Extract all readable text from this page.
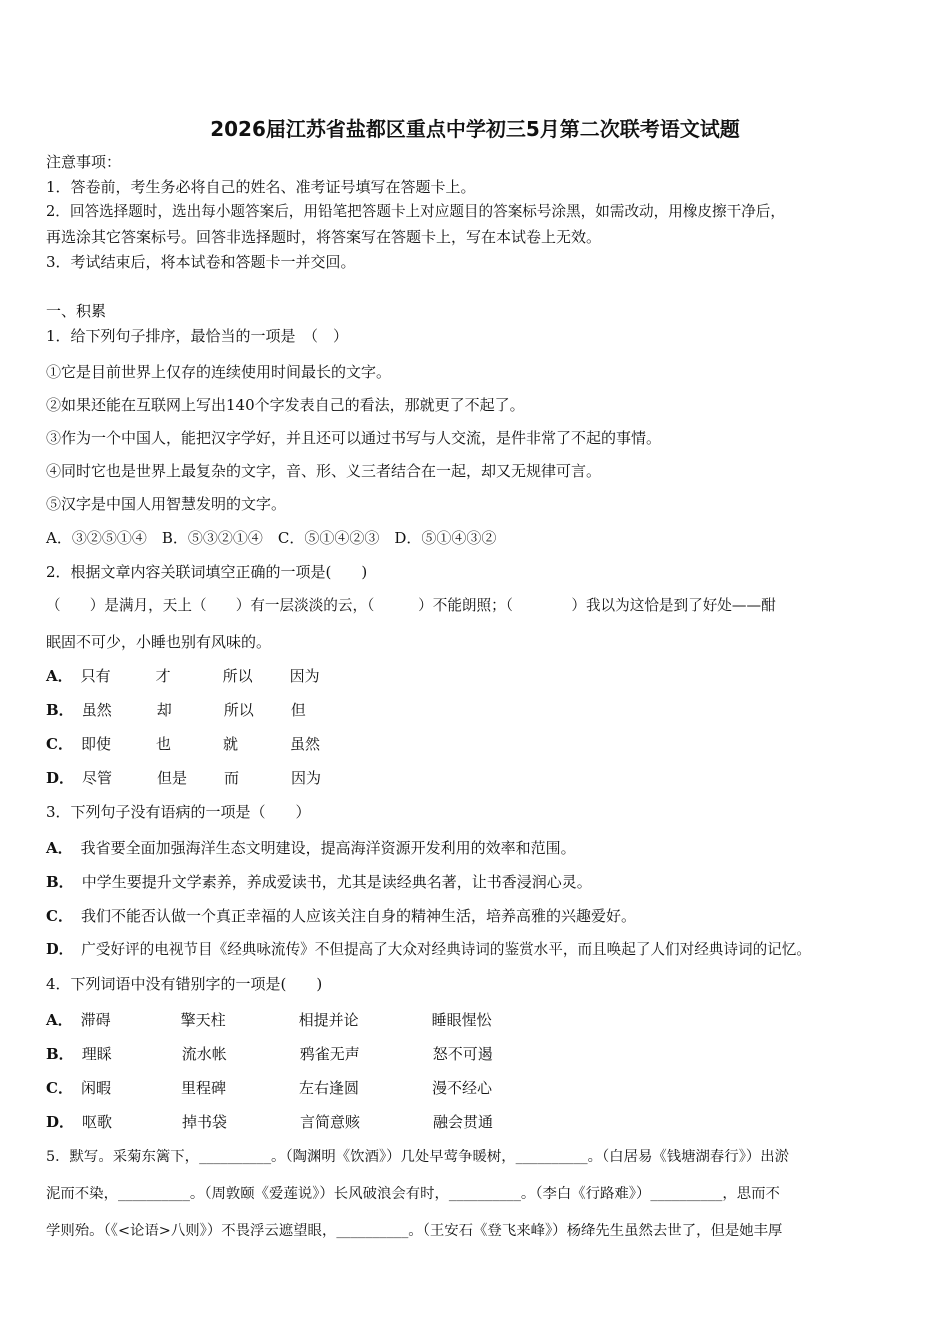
2026届江苏省盐都区重点中学初三5月第二次联考语文试题
注意事项：
1．答卷前，考生务必将自己的姓名、准考证号填写在答题卡上。
2．回答选择题时，选出每小题答案后，用铅笔把答题卡上对应题目的答案标号涂黑，如需改动，用橡皮擦干净后，
再选涂其它答案标号。回答非选择题时，将答案写在答题卡上，写在本试卷上无效。
3．考试结束后，将本试卷和答题卡一并交回。
一、积累
1．给下列句子排序，最恰当的一项是　（　）
①它是目前世界上仅存的连续使用时间最长的文字。
②如果还能在互联网上写出140个字发表自己的看法，那就更了不起了。
③作为一个中国人，能把汉字学好，并且还可以通过书写与人交流，是件非常了不起的事情。
④同时它也是世界上最复杂的文字，音、形、义三者结合在一起，却又无规律可言。
⑤汉字是中国人用智慧发明的文字。
A．③②⑤①④　B．⑤③②①④　C．⑤①④②③　D．⑤①④③②
2．根据文章内容关联词填空正确的一项是(　　)
（　　）是满月，天上（　　）有一层淡淡的云，（　　　）不能朗照；（　　　　）我以为这恰是到了好处——酣
眠固不可少，小睡也别有风味的。
A． 只有	才	所以 因为
B． 虽然	却	所以 但
C． 即使	也	就	虽然
D． 尽管	但是 而	因为
3．下列句子没有语病的一项是（　　）
A． 我省要全面加强海洋生态文明建设，提高海洋资源开发利用的效率和范围。
B． 中学生要提升文学素养，养成爱读书，尤其是读经典名著，让书香浸润心灵。
C． 我们不能否认做一个真正幸福的人应该关注自身的精神生活，培养高雅的兴趣爱好。
D． 广受好评的电视节目《经典咏流传》不但提高了大众对经典诗词的鉴赏水平，而且唤起了人们对经典诗词的记忆。
4．下列词语中没有错别字的一项是(　　)
A． 滞碍	擎天柱	相提并论	睡眼惺忪
B． 理睬	流水帐	鸦雀无声	怒不可遏
C． 闲暇	里程碑	左右逢圆	漫不经心
D． 呕歌	掉书袋	言简意赅	融会贯通
5．默写。采菊东篱下，__________。（陶渊明《饮酒》）几处早莺争暖树，__________。（白居易《钱塘湖春行》）出淤
泥而不染，__________。（周敦颐《爱莲说》）长风破浪会有时，__________。（李白《行路难》）__________，思而不
学则殆。（《<论语>八则》）不畏浮云遮望眼，__________。（王安石《登飞来峰》）杨绛先生虽然去世了，但是她丰厚
